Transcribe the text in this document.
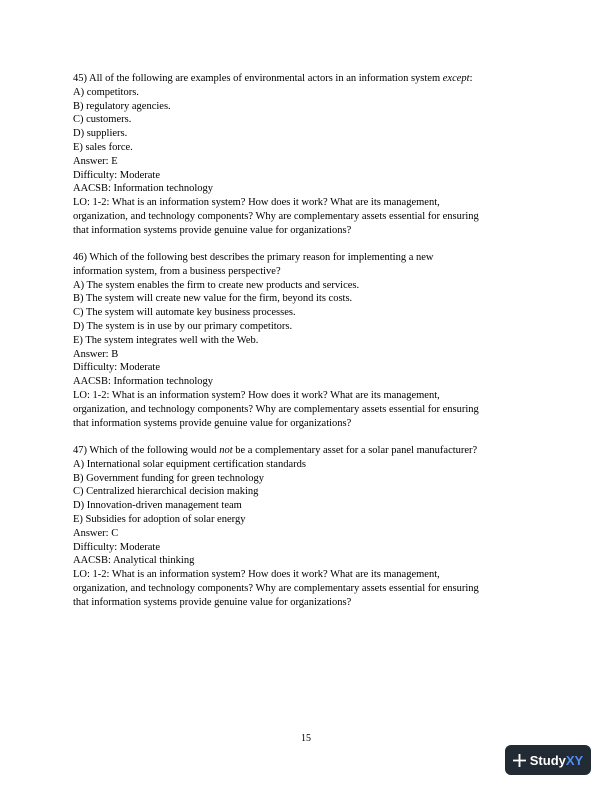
45) All of the following are examples of environmental actors in an information system except:
A) competitors.
B) regulatory agencies.
C) customers.
D) suppliers.
E) sales force.
Answer: E
Difficulty: Moderate
AACSB: Information technology
LO: 1-2: What is an information system? How does it work? What are its management,
organization, and technology components? Why are complementary assets essential for ensuring
that information systems provide genuine value for organizations?
46) Which of the following best describes the primary reason for implementing a new
information system, from a business perspective?
A) The system enables the firm to create new products and services.
B) The system will create new value for the firm, beyond its costs.
C) The system will automate key business processes.
D) The system is in use by our primary competitors.
E) The system integrates well with the Web.
Answer: B
Difficulty: Moderate
AACSB: Information technology
LO: 1-2: What is an information system? How does it work? What are its management,
organization, and technology components? Why are complementary assets essential for ensuring
that information systems provide genuine value for organizations?
47) Which of the following would not be a complementary asset for a solar panel manufacturer?
A) International solar equipment certification standards
B) Government funding for green technology
C) Centralized hierarchical decision making
D) Innovation-driven management team
E) Subsidies for adoption of solar energy
Answer: C
Difficulty: Moderate
AACSB: Analytical thinking
LO: 1-2: What is an information system? How does it work? What are its management,
organization, and technology components? Why are complementary assets essential for ensuring
that information systems provide genuine value for organizations?
15
StudyXY
